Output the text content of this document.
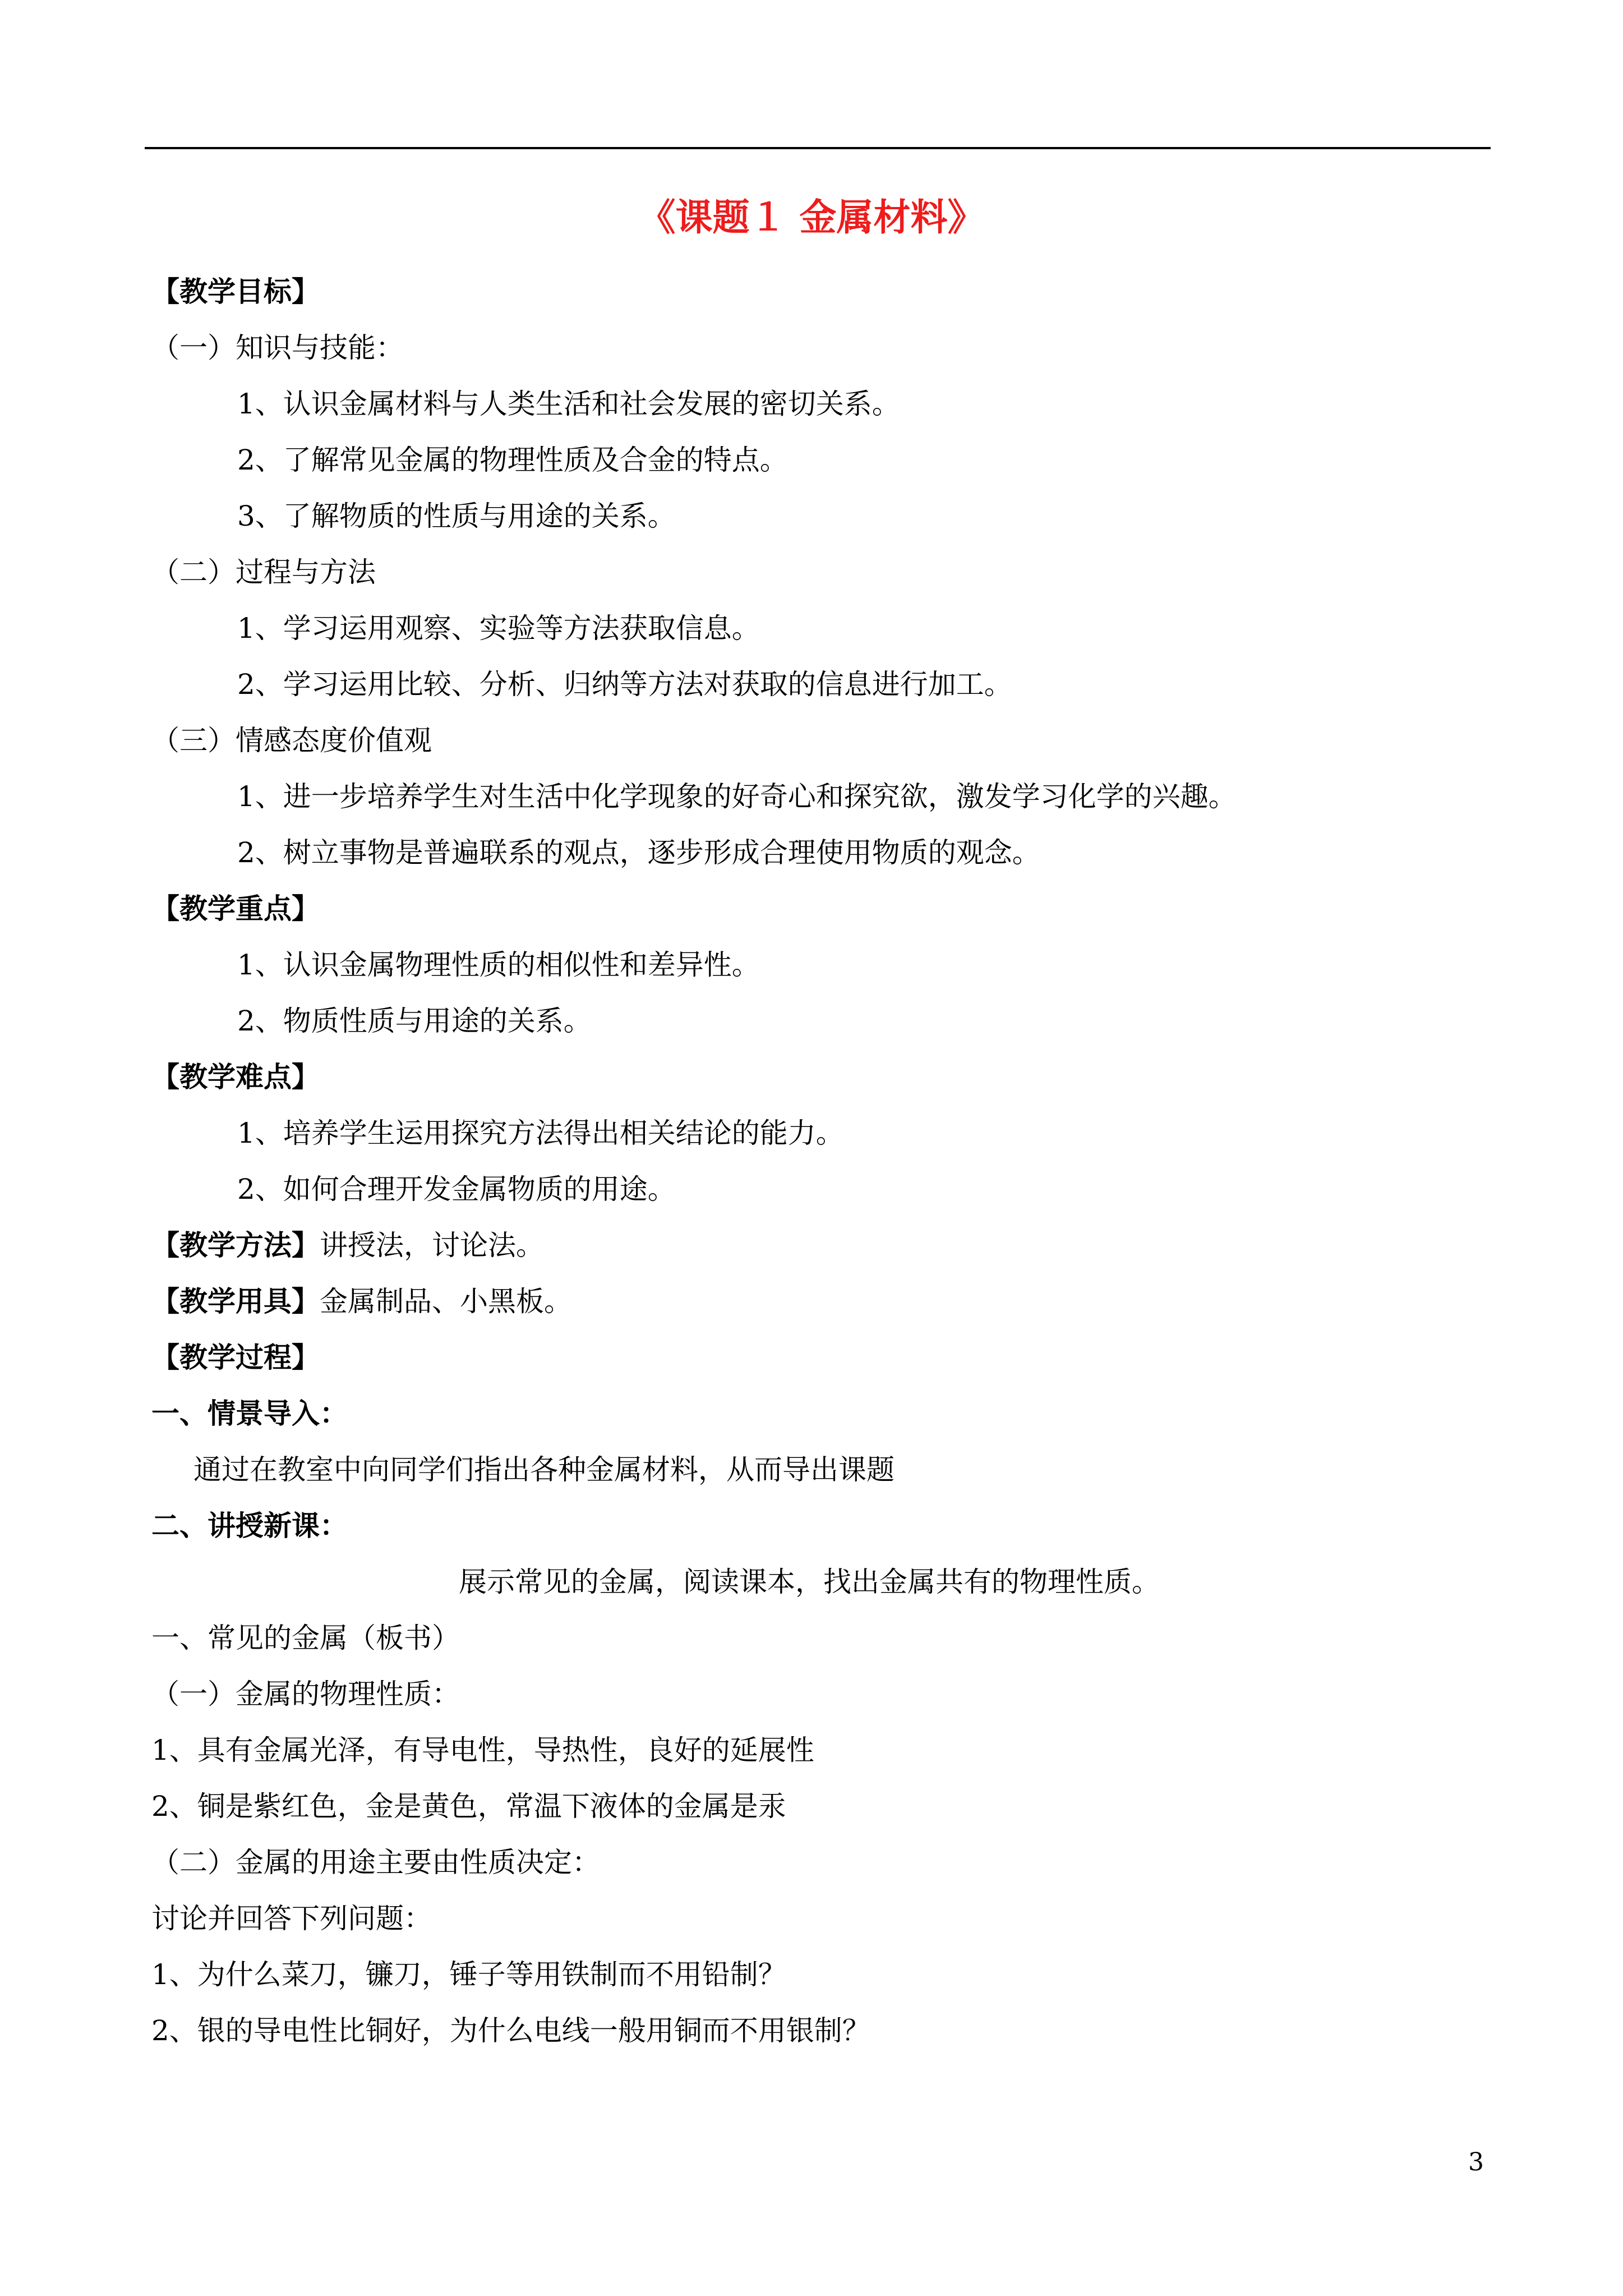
《课题１ 金属材料》
【教学目标】
（一）知识与技能：
1、认识金属材料与人类生活和社会发展的密切关系。
2、了解常见金属的物理性质及合金的特点。
3、了解物质的性质与用途的关系。
（二）过程与方法
1、学习运用观察、实验等方法获取信息。
2、学习运用比较、分析、归纳等方法对获取的信息进行加工。
（三）情感态度价值观
1、进一步培养学生对生活中化学现象的好奇心和探究欲，激发学习化学的兴趣。
2、树立事物是普遍联系的观点，逐步形成合理使用物质的观念。
【教学重点】
1、认识金属物理性质的相似性和差异性。
2、物质性质与用途的关系。
【教学难点】
1、培养学生运用探究方法得出相关结论的能力。
2、如何合理开发金属物质的用途。
【教学方法】讲授法，讨论法。
【教学用具】金属制品、小黑板。
【教学过程】
一、情景导入：
通过在教室中向同学们指出各种金属材料，从而导出课题
二、讲授新课：
展示常见的金属，阅读课本，找出金属共有的物理性质。
一、常见的金属（板书）
（一）金属的物理性质：
1、具有金属光泽，有导电性，导热性，良好的延展性
2、铜是紫红色，金是黄色，常温下液体的金属是汞
（二）金属的用途主要由性质决定：
讨论并回答下列问题：
1、为什么菜刀，镰刀，锤子等用铁制而不用铅制？
2、银的导电性比铜好，为什么电线一般用铜而不用银制？
3
